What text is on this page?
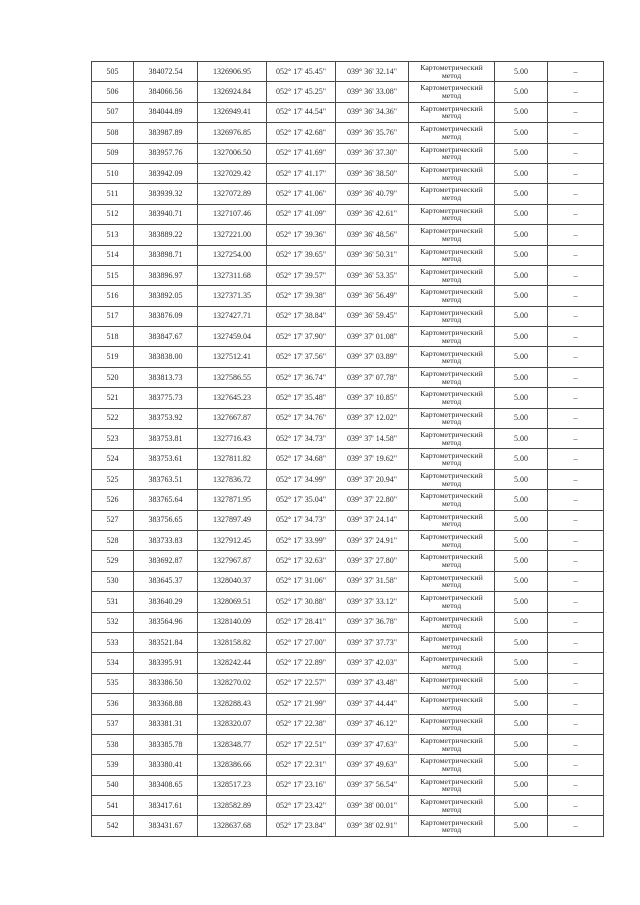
505	384072.54	1326906.95	052° 17' 45.45"	039° 36' 32.14"	Картометрический метод	5.00	–
506	384066.56	1326924.84	052° 17' 45.25"	039° 36' 33.08"	Картометрический метод	5.00	–
507	384044.89	1326949.41	052° 17' 44.54"	039° 36' 34.36"	Картометрический метод	5.00	–
508	383987.89	1326976.85	052° 17' 42.68"	039° 36' 35.76"	Картометрический метод	5.00	–
509	383957.76	1327006.50	052° 17' 41.69"	039° 36' 37.30"	Картометрический метод	5.00	–
510	383942.09	1327029.42	052° 17' 41.17"	039° 36' 38.50"	Картометрический метод	5.00	–
511	383939.32	1327072.89	052° 17' 41.06"	039° 36' 40.79"	Картометрический метод	5.00	–
512	383940.71	1327107.46	052° 17' 41.09"	039° 36' 42.61"	Картометрический метод	5.00	–
513	383889.22	1327221.00	052° 17' 39.36"	039° 36' 48.56"	Картометрический метод	5.00	–
514	383898.71	1327254.00	052° 17' 39.65"	039° 36' 50.31"	Картометрический метод	5.00	–
515	383896.97	1327311.68	052° 17' 39.57"	039° 36' 53.35"	Картометрический метод	5.00	–
516	383892.05	1327371.35	052° 17' 39.38"	039° 36' 56.49"	Картометрический метод	5.00	–
517	383876.09	1327427.71	052° 17' 38.84"	039° 36' 59.45"	Картометрический метод	5.00	–
518	383847.67	1327459.04	052° 17' 37.90"	039° 37' 01.08"	Картометрический метод	5.00	–
519	383838.00	1327512.41	052° 17' 37.56"	039° 37' 03.89"	Картометрический метод	5.00	–
520	383813.73	1327586.55	052° 17' 36.74"	039° 37' 07.78"	Картометрический метод	5.00	–
521	383775.73	1327645.23	052° 17' 35.48"	039° 37' 10.85"	Картометрический метод	5.00	–
522	383753.92	1327667.87	052° 17' 34.76"	039° 37' 12.02"	Картометрический метод	5.00	–
523	383753.81	1327716.43	052° 17' 34.73"	039° 37' 14.58"	Картометрический метод	5.00	–
524	383753.61	1327811.82	052° 17' 34.68"	039° 37' 19.62"	Картометрический метод	5.00	–
525	383763.51	1327836.72	052° 17' 34.99"	039° 37' 20.94"	Картометрический метод	5.00	–
526	383765.64	1327871.95	052° 17' 35.04"	039° 37' 22.80"	Картометрический метод	5.00	–
527	383756.65	1327897.49	052° 17' 34.73"	039° 37' 24.14"	Картометрический метод	5.00	–
528	383733.83	1327912.45	052° 17' 33.99"	039° 37' 24.91"	Картометрический метод	5.00	–
529	383692.87	1327967.87	052° 17' 32.63"	039° 37' 27.80"	Картометрический метод	5.00	–
530	383645.37	1328040.37	052° 17' 31.06"	039° 37' 31.58"	Картометрический метод	5.00	–
531	383640.29	1328069.51	052° 17' 30.88"	039° 37' 33.12"	Картометрический метод	5.00	–
532	383564.96	1328140.09	052° 17' 28.41"	039° 37' 36.78"	Картометрический метод	5.00	–
533	383521.84	1328158.82	052° 17' 27.00"	039° 37' 37.73"	Картометрический метод	5.00	–
534	383395.91	1328242.44	052° 17' 22.89"	039° 37' 42.03"	Картометрический метод	5.00	–
535	383386.50	1328270.02	052° 17' 22.57"	039° 37' 43.48"	Картометрический метод	5.00	–
536	383368.88	1328288.43	052° 17' 21.99"	039° 37' 44.44"	Картометрический метод	5.00	–
537	383381.31	1328320.07	052° 17' 22.38"	039° 37' 46.12"	Картометрический метод	5.00	–
538	383385.78	1328348.77	052° 17' 22.51"	039° 37' 47.63"	Картометрический метод	5.00	–
539	383380.41	1328386.66	052° 17' 22.31"	039° 37' 49.63"	Картометрический метод	5.00	–
540	383408.65	1328517.23	052° 17' 23.16"	039° 37' 56.54"	Картометрический метод	5.00	–
541	383417.61	1328582.89	052° 17' 23.42"	039° 38' 00.01"	Картометрический метод	5.00	–
542	383431.67	1328637.68	052° 17' 23.84"	039° 38' 02.91"	Картометрический метод	5.00	–
